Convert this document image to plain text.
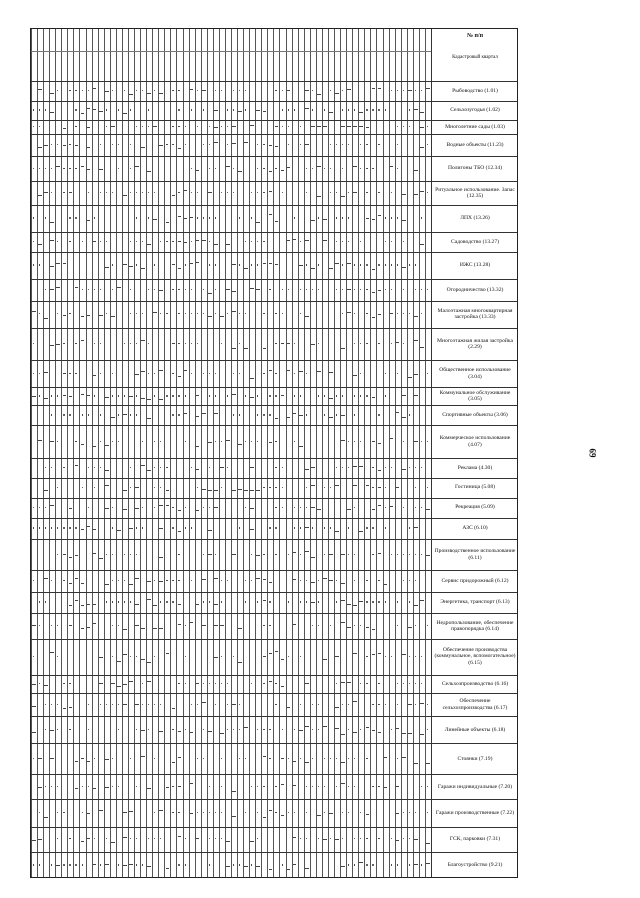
№ п/п
Кадастровый квартал
Рыбоводство (1.01)
Сельхозугодья (1.02)
Многолетние сады (1.03)
Водные объекты (11.23)
Полигоны ТБО (12.34)
Ритуальное использование. Запас (12.35)
ЛПХ (13.26)
Садоводство (13.27)
ИЖС (13.28)
Огородничество (13.32)
Малоэтажная многоквартирная застройка (13.33)
Многоэтажная жилая застройка (2.29)
Общественное использование (3.04)
Коммунальное обслуживание (3.05)
Спортивные объекты (3.06)
Коммерческое использование (4.07)
Реклама (4.30)
Гостиница (5.08)
Рекреация (5.09)
АЗС (6.10)
Производственное использование (6.11)
Сервис придорожный (6.12)
Энергетика, транспорт (6.13)
Недропользование, обеспечение правопорядка (6.14)
Обеспечение производства (коммунальное, вспомогательное) (6.15)
Сельхозпроизводство (6.16)
Обеспечение сельхозпроизводства (6.17)
Линейные объекты (6.18)
Стоянки (7.19)
Гаражи индивидуальные (7.20)
Гаражи производственные (7.22)
ГСК, парковки (7.31)
Благоустройство (9.21)
69
